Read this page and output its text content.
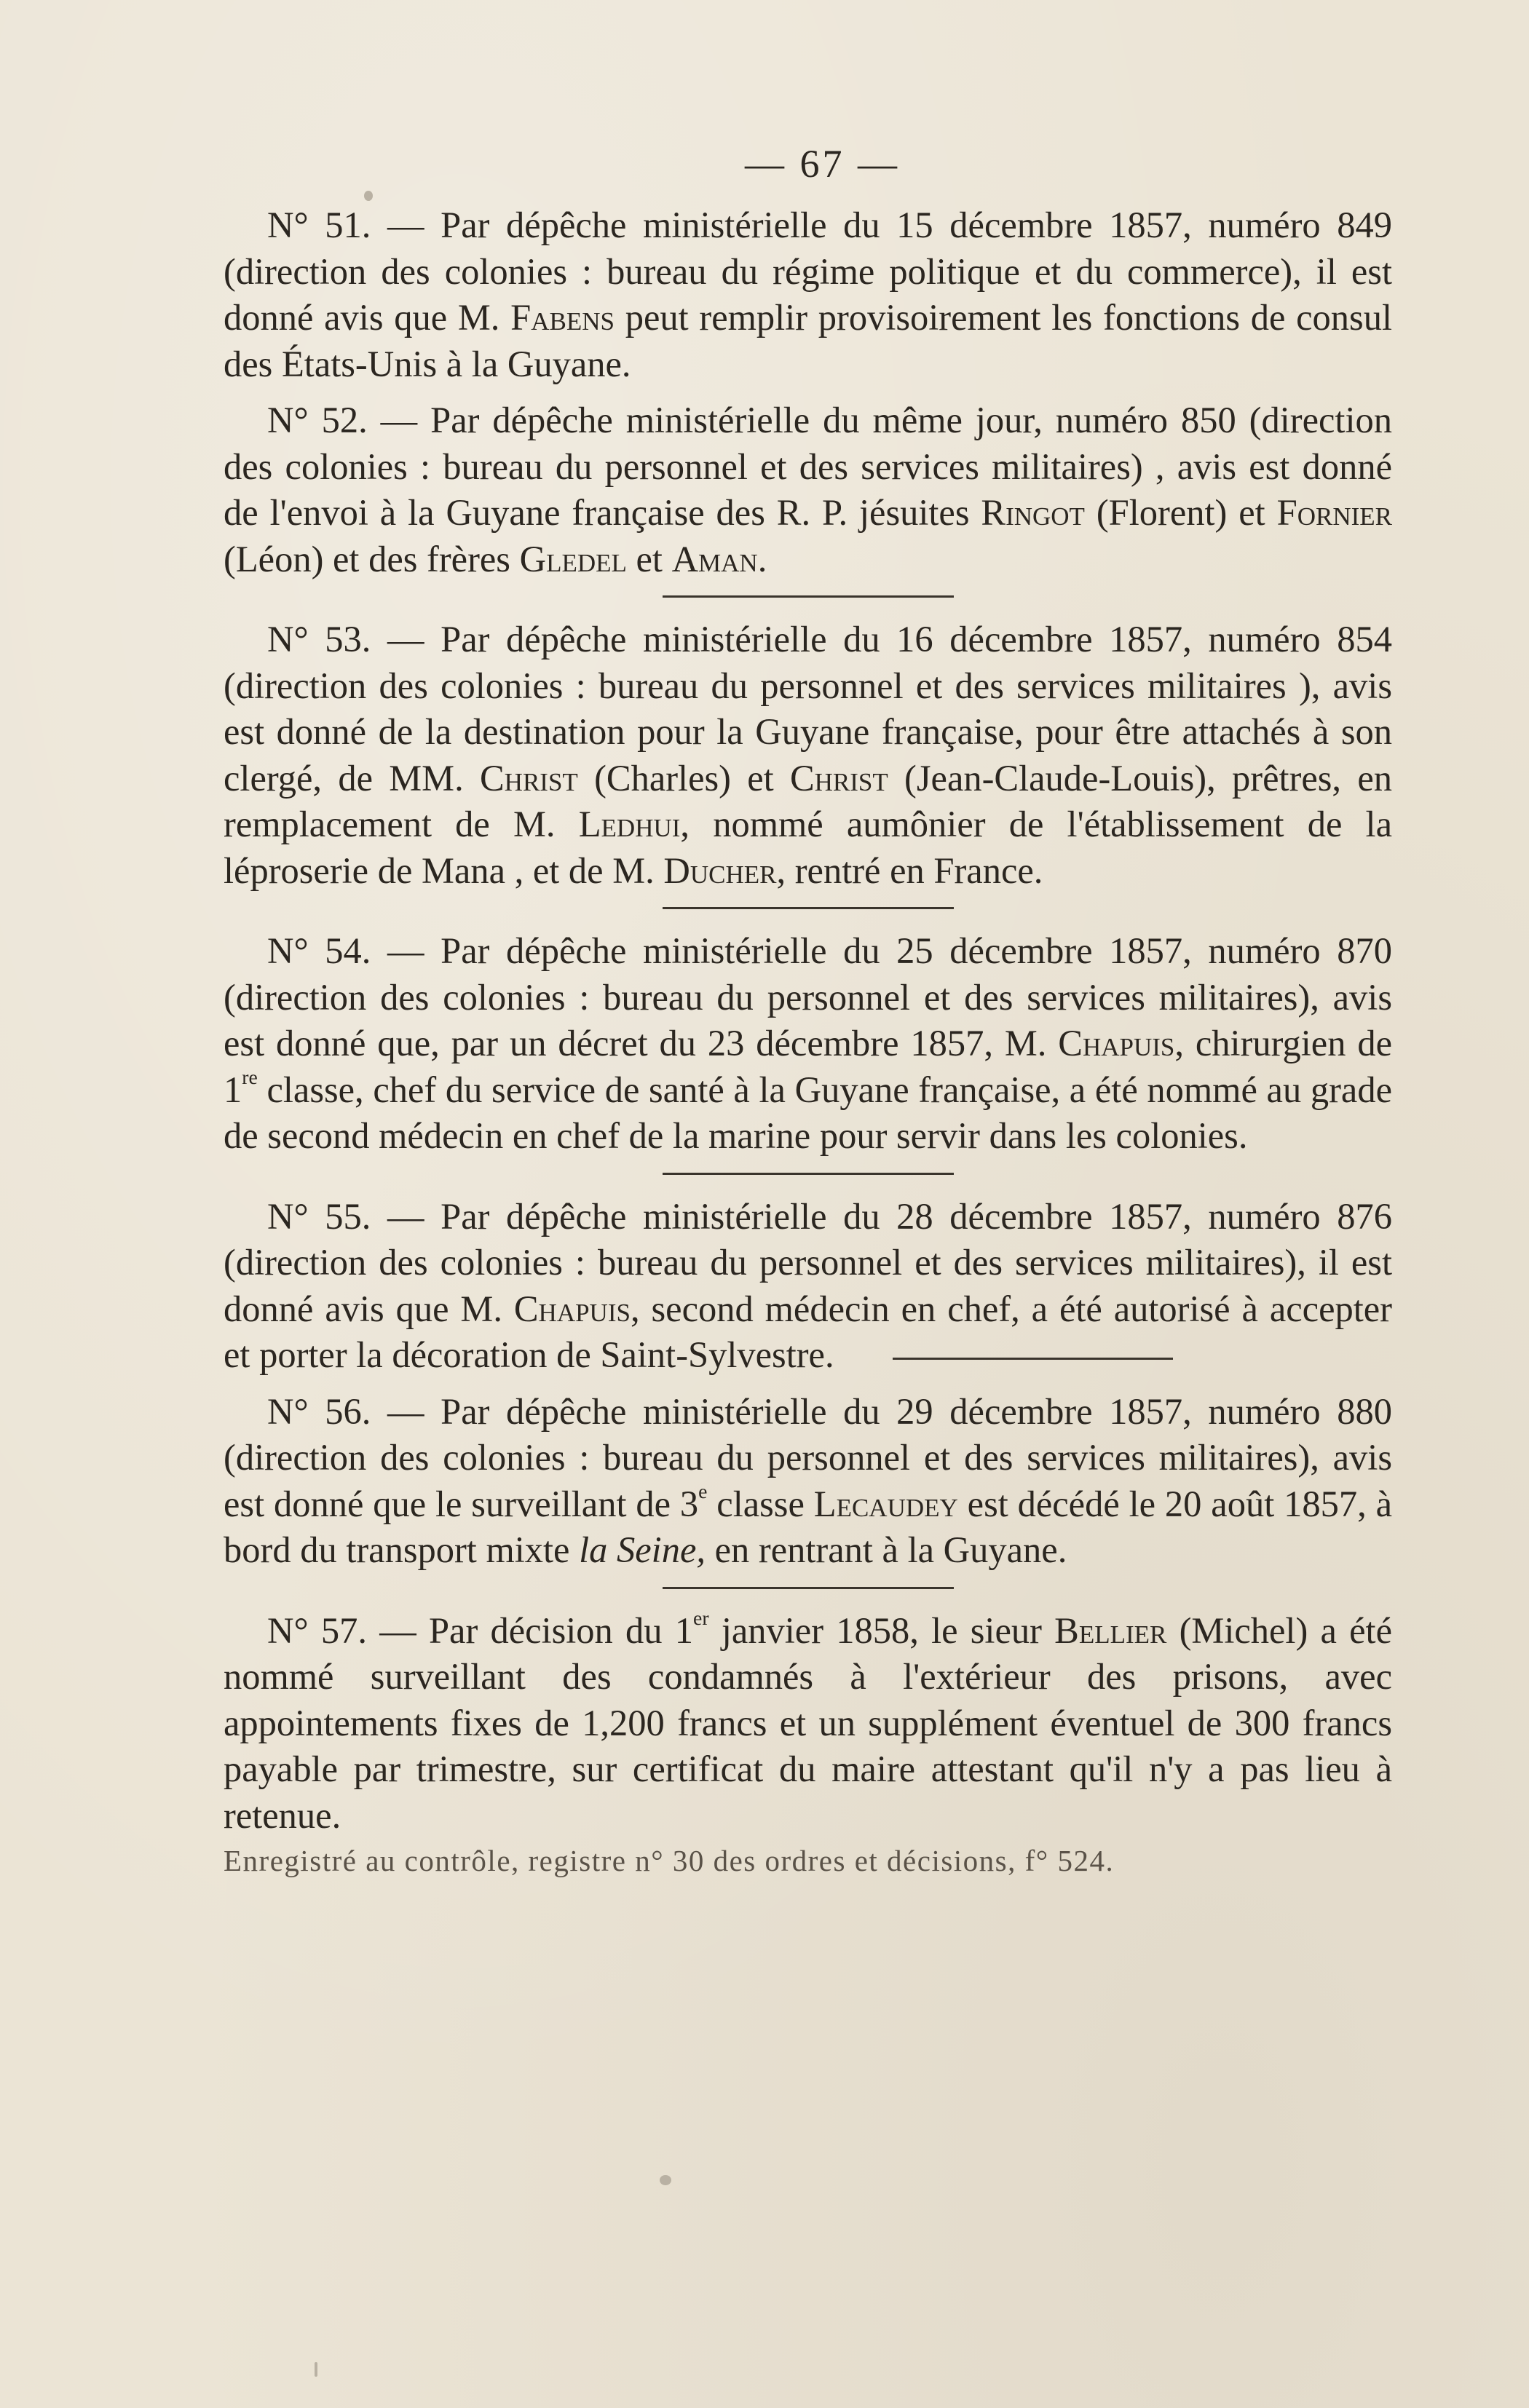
— 67 —

N° 51. — Par dépêche ministérielle du 15 décembre 1857, numéro 849 (direction des colonies : bureau du régime politique et du commerce), il est donné avis que M. Fabens peut remplir provisoirement les fonctions de consul des États-Unis à la Guyane.

N° 52. — Par dépêche ministérielle du même jour, numéro 850 (direction des colonies : bureau du personnel et des services militaires) , avis est donné de l'envoi à la Guyane française des R. P. jésuites Ringot (Florent) et Fornier (Léon) et des frères Gledel et Aman.

N° 53. — Par dépêche ministérielle du 16 décembre 1857, numéro 854 (direction des colonies : bureau du personnel et des services militaires ), avis est donné de la destination pour la Guyane française, pour être attachés à son clergé, de MM. Christ (Charles) et Christ (Jean-Claude-Louis), prêtres, en remplacement de M. Ledhui, nommé aumônier de l'établissement de la léproserie de Mana , et de M. Ducher, rentré en France.

N° 54. — Par dépêche ministérielle du 25 décembre 1857, numéro 870 (direction des colonies : bureau du personnel et des services militaires), avis est donné que, par un décret du 23 décembre 1857, M. Chapuis, chirurgien de 1re classe, chef du service de santé à la Guyane française, a été nommé au grade de second médecin en chef de la marine pour servir dans les colonies.

N° 55. — Par dépêche ministérielle du 28 décembre 1857, numéro 876 (direction des colonies : bureau du personnel et des services militaires), il est donné avis que M. Chapuis, second médecin en chef, a été autorisé à accepter et porter la décoration de Saint-Sylvestre.

N° 56. — Par dépêche ministérielle du 29 décembre 1857, numéro 880 (direction des colonies : bureau du personnel et des services militaires), avis est donné que le surveillant de 3e classe Lecaudey est décédé le 20 août 1857, à bord du transport mixte la Seine, en rentrant à la Guyane.

N° 57. — Par décision du 1er janvier 1858, le sieur Bellier (Michel) a été nommé surveillant des condamnés à l'extérieur des prisons, avec appointements fixes de 1,200 francs et un supplément éventuel de 300 francs payable par trimestre, sur certificat du maire attestant qu'il n'y a pas lieu à retenue.

Enregistré au contrôle, registre n° 30 des ordres et décisions, f° 524.
